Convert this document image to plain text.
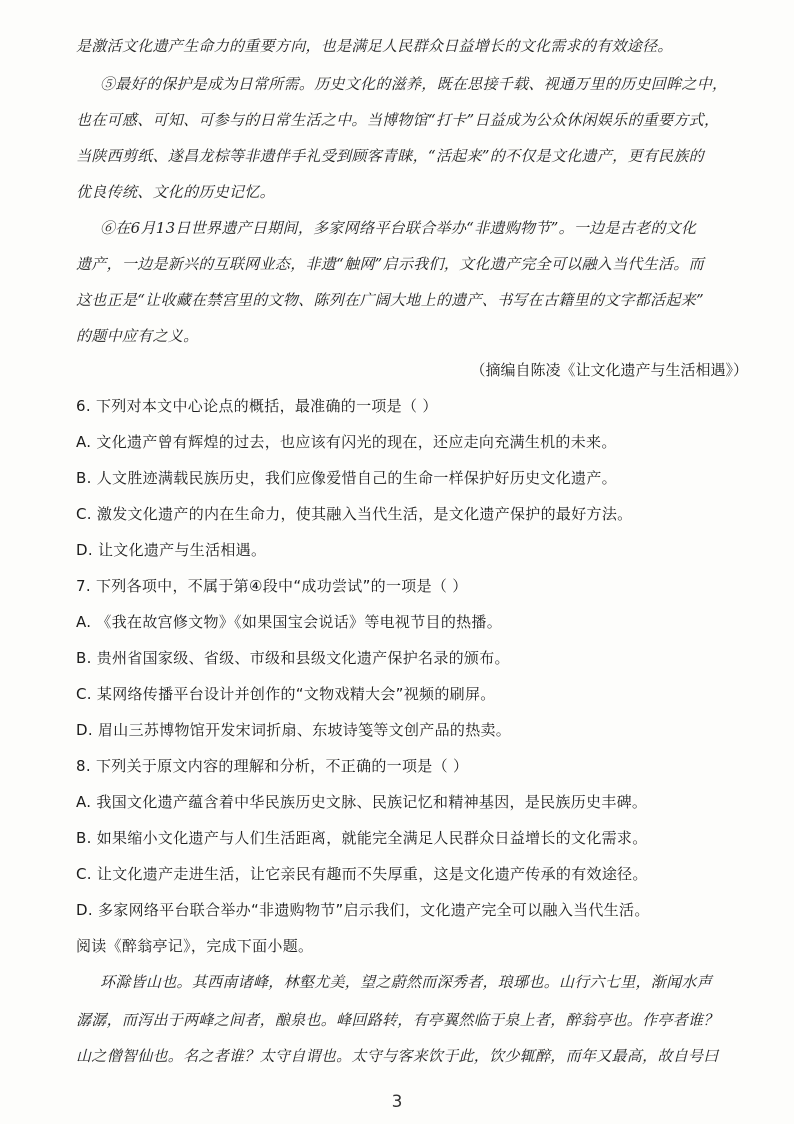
是激活文化遗产生命力的重要方向，也是满足人民群众日益增长的文化需求的有效途径。
⑤最好的保护是成为日常所需。历史文化的滋养，既在思接千载、视通万里的历史回眸之中，
也在可感、可知、可参与的日常生活之中。当博物馆“打卡”日益成为公众休闲娱乐的重要方式，
当陕西剪纸、遂昌龙棕等非遗伴手礼受到顾客青睐，“活起来”的不仅是文化遗产，更有民族的
优良传统、文化的历史记忆。
⑥在6月13日世界遗产日期间，多家网络平台联合举办“非遗购物节”。一边是古老的文化
遗产，一边是新兴的互联网业态，非遗“触网”启示我们，文化遗产完全可以融入当代生活。而
这也正是“让收藏在禁宫里的文物、陈列在广阔大地上的遗产、书写在古籍里的文字都活起来”
的题中应有之义。
（摘编自陈凌《让文化遗产与生活相遇》）
6. 下列对本文中心论点的概括，最准确的一项是（ ）
A. 文化遗产曾有辉煌的过去，也应该有闪光的现在，还应走向充满生机的未来。
B. 人文胜迹满载民族历史，我们应像爱惜自己的生命一样保护好历史文化遗产。
C. 激发文化遗产的内在生命力，使其融入当代生活，是文化遗产保护的最好方法。
D. 让文化遗产与生活相遇。
7. 下列各项中，不属于第④段中“成功尝试”的一项是（ ）
A. 《我在故宫修文物》《如果国宝会说话》等电视节目的热播。
B. 贵州省国家级、省级、市级和县级文化遗产保护名录的颁布。
C. 某网络传播平台设计并创作的“文物戏精大会”视频的刷屏。
D. 眉山三苏博物馆开发宋词折扇、东坡诗笺等文创产品的热卖。
8. 下列关于原文内容的理解和分析，不正确的一项是（ ）
A. 我国文化遗产蕴含着中华民族历史文脉、民族记忆和精神基因，是民族历史丰碑。
B. 如果缩小文化遗产与人们生活距离，就能完全满足人民群众日益增长的文化需求。
C. 让文化遗产走进生活，让它亲民有趣而不失厚重，这是文化遗产传承的有效途径。
D. 多家网络平台联合举办“非遗购物节”启示我们，文化遗产完全可以融入当代生活。
阅读《醉翁亭记》，完成下面小题。
环滁皆山也。其西南诸峰，林壑尤美，望之蔚然而深秀者，琅琊也。山行六七里，渐闻水声
潺潺，而泻出于两峰之间者，酿泉也。峰回路转，有亭翼然临于泉上者，醉翁亭也。作亭者谁？
山之僧智仙也。名之者谁？太守自谓也。太守与客来饮于此，饮少辄醉，而年又最高，故自号曰
3
